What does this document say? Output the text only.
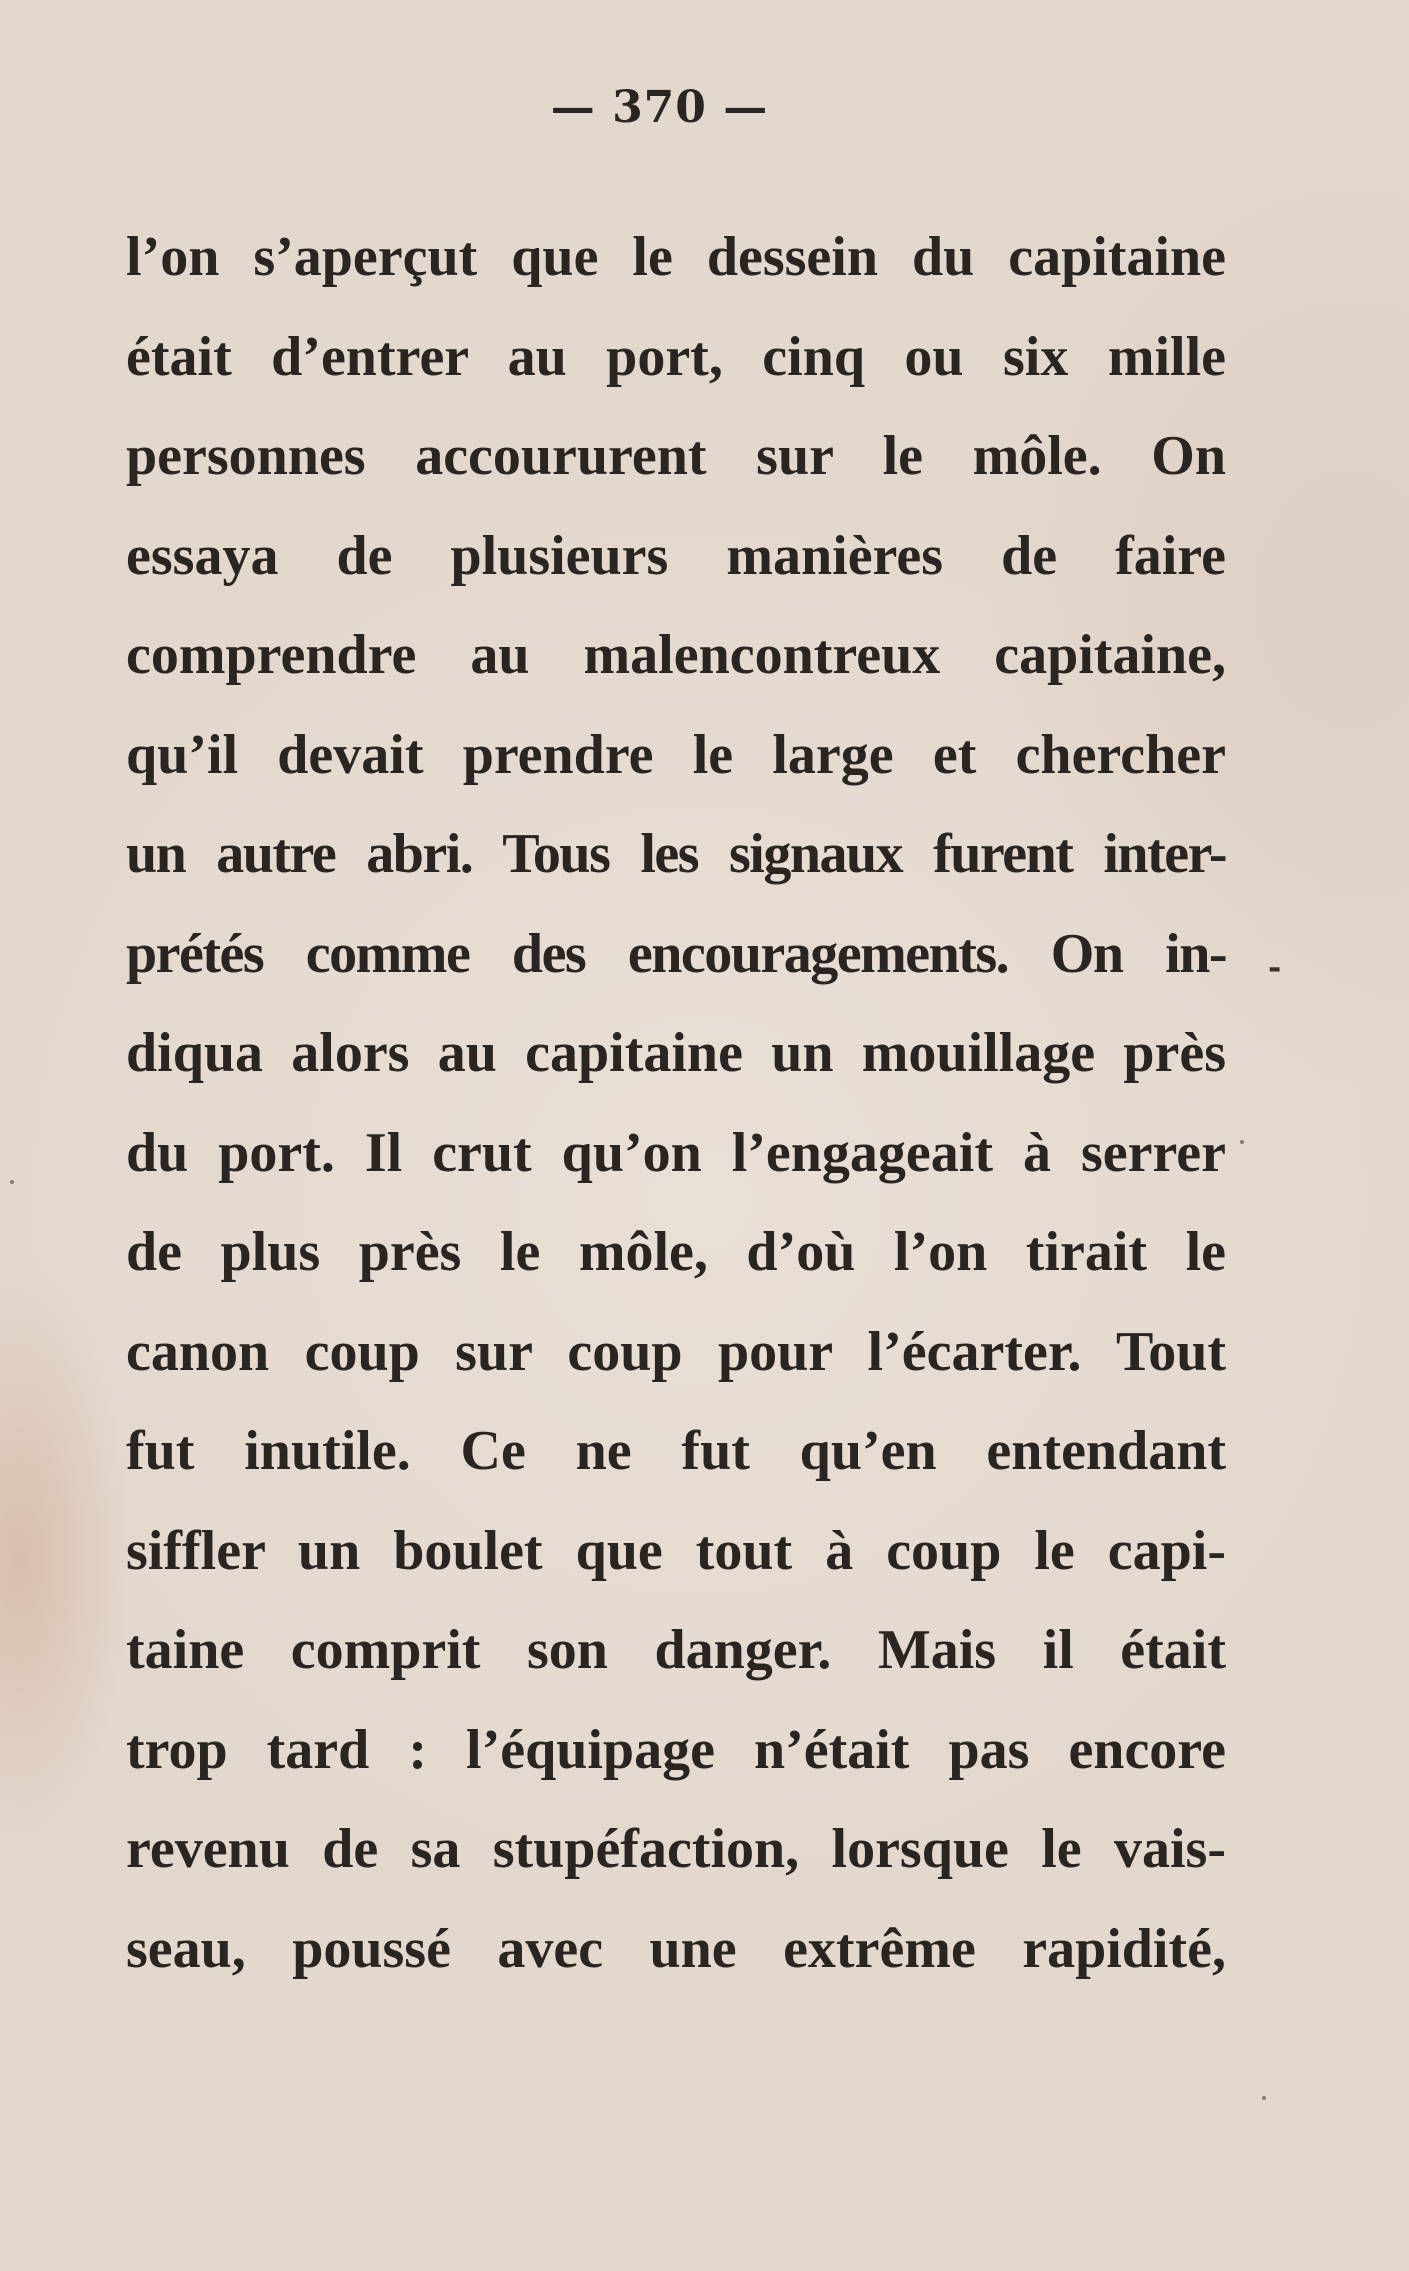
— 370 —
l’on s’aperçut que le dessein du capitaine
était d’entrer au port, cinq ou six mille
personnes accoururent sur le môle. On
essaya de plusieurs manières de faire
comprendre au malencontreux capitaine,
qu’il devait prendre le large et chercher
un autre abri. Tous les signaux furent inter-
prétés comme des encouragements. On in-
diqua alors au capitaine un mouillage près
du port. Il crut qu’on l’engageait à serrer
de plus près le môle, d’où l’on tirait le
canon coup sur coup pour l’écarter. Tout
fut inutile. Ce ne fut qu’en entendant
siffler un boulet que tout à coup le capi-
taine comprit son danger. Mais il était
trop tard : l’équipage n’était pas encore
revenu de sa stupéfaction, lorsque le vais-
seau, poussé avec une extrême rapidité,
-
